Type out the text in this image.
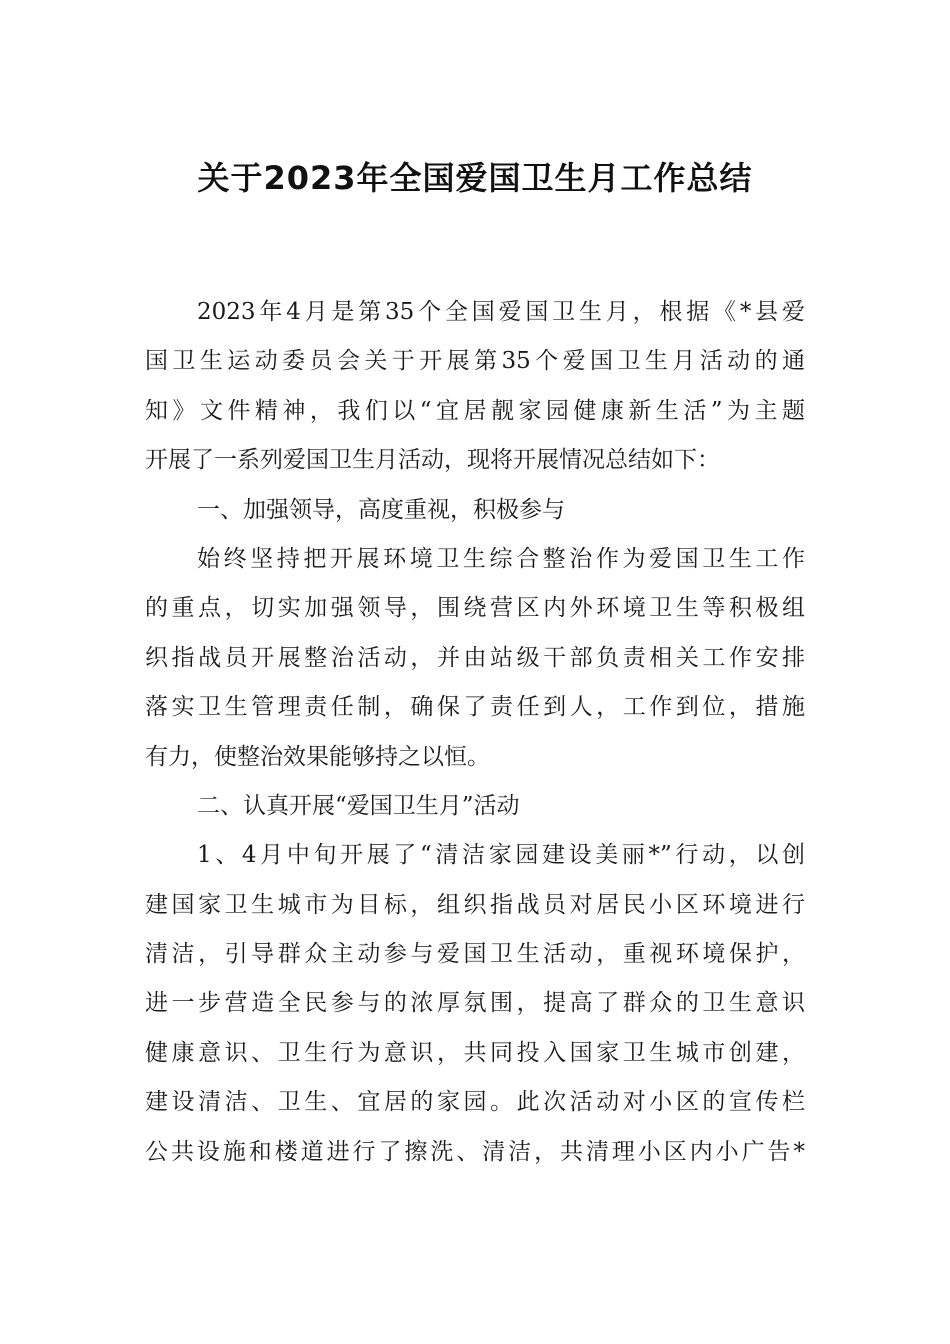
关于2023年全国爱国卫生月工作总结
2023年4月是第35个全国爱国卫生月，根据《*县爱
国卫生运动委员会关于开展第35个爱国卫生月活动的通
知》文件精神，我们以“宜居靓家园健康新生活”为主题
开展了一系列爱国卫生月活动，现将开展情况总结如下：
一、加强领导，高度重视，积极参与
始终坚持把开展环境卫生综合整治作为爱国卫生工作
的重点，切实加强领导，围绕营区内外环境卫生等积极组
织指战员开展整治活动，并由站级干部负责相关工作安排
落实卫生管理责任制，确保了责任到人，工作到位，措施
有力，使整治效果能够持之以恒。
二、认真开展“爱国卫生月”活动
1、4月中旬开展了“清洁家园建设美丽*”行动，以创
建国家卫生城市为目标，组织指战员对居民小区环境进行
清洁，引导群众主动参与爱国卫生活动，重视环境保护，
进一步营造全民参与的浓厚氛围，提高了群众的卫生意识
健康意识、卫生行为意识，共同投入国家卫生城市创建，
建设清洁、卫生、宜居的家园。此次活动对小区的宣传栏
公共设施和楼道进行了擦洗、清洁，共清理小区内小广告*
